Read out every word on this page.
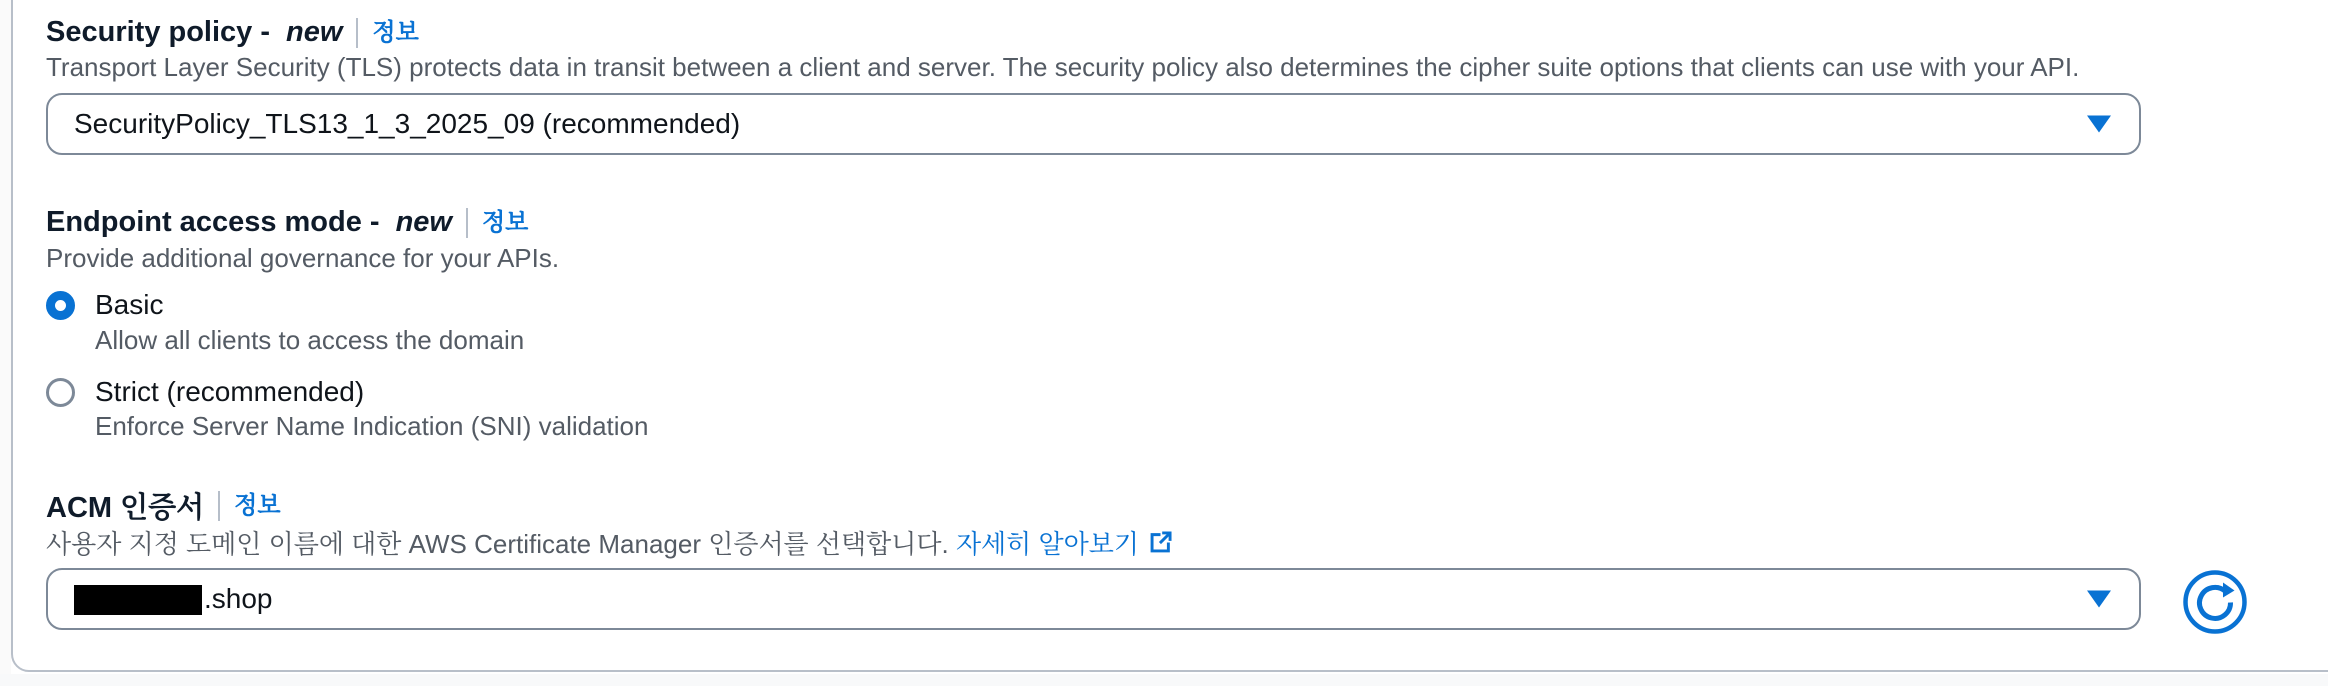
Security policy - new 정보
Transport Layer Security (TLS) protects data in transit between a client and server. The security policy also determines the cipher suite options that clients can use with your API.
SecurityPolicy_TLS13_1_3_2025_09 (recommended)
Endpoint access mode - new 정보
Provide additional governance for your APIs.
Basic
Allow all clients to access the domain
Strict (recommended)
Enforce Server Name Indication (SNI) validation
ACM 인증서 정보
사용자 지정 도메인 이름에 대한 AWS Certificate Manager 인증서를 선택합니다. 자세히 알아보기
.shop
